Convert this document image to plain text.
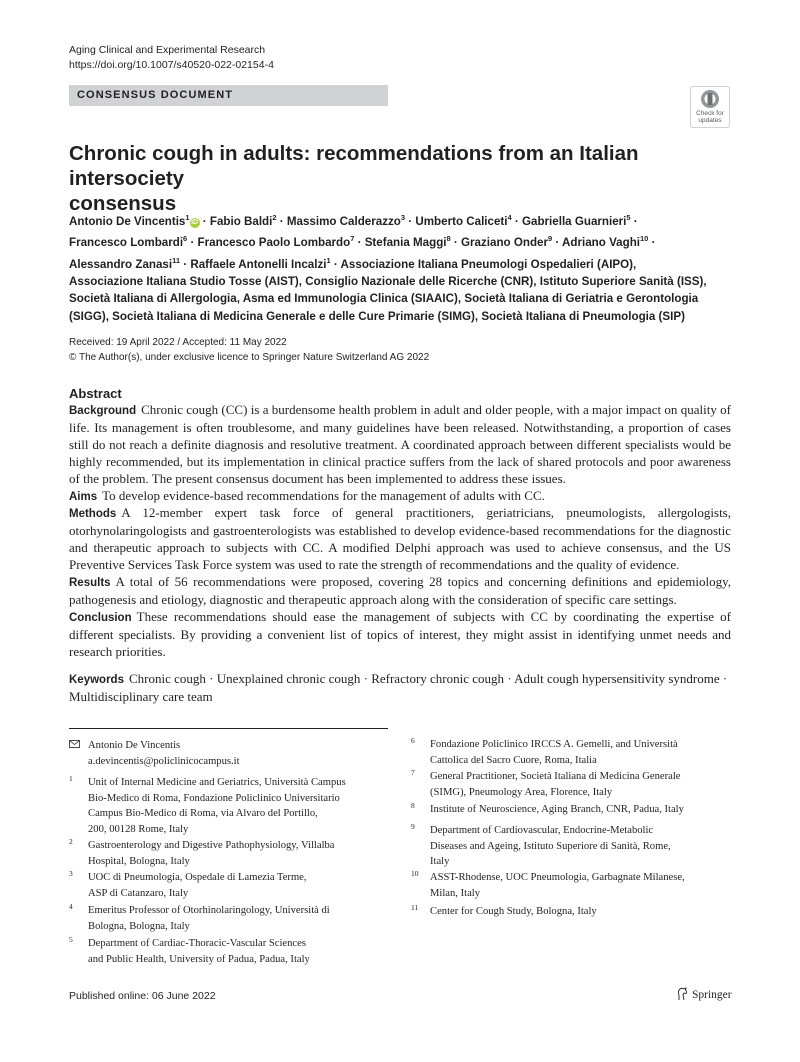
Aging Clinical and Experimental Research
https://doi.org/10.1007/s40520-022-02154-4
CONSENSUS DOCUMENT
Check for
updates
Chronic cough in adults: recommendations from an Italian intersociety
consensus

Antonio De Vincentis$^1$iD · Fabio Baldi$^2$ · Massimo Calderazzo$^3$ · Umberto Caliceti$^4$ · Gabriella Guarnieri$^5$ ·
Francesco Lombardi$^6$ · Francesco Paolo Lombardo$^7$ · Stefania Maggi$^8$ · Graziano Onder$^9$ · Adriano Vaghi$^{10}$ ·
Alessandro Zanasi$^{11}$ · Raffaele Antonelli Incalzi$^1$ · Associazione Italiana Pneumologi Ospedalieri (AIPO),
Associazione Italiana Studio Tosse (AIST), Consiglio Nazionale delle Ricerche (CNR), Istituto Superiore Sanità (ISS),
Società Italiana di Allergologia, Asma ed Immunologia Clinica (SIAAIC), Società Italiana di Geriatria e Gerontologia
(SIGG), Società Italiana di Medicina Generale e delle Cure Primarie (SIMG), Società Italiana di Pneumologia (SIP)

Received: 19 April 2022 / Accepted: 11 May 2022
© The Author(s), under exclusive licence to Springer Nature Switzerland AG 2022
Abstract

Background Chronic cough (CC) is a burdensome health problem in adult and older people, with a major impact on quality of life. Its management is often troublesome, and many guidelines have been released. Notwithstanding, a proportion of cases still do not reach a definite diagnosis and resolutive treatment. A coordinated approach between different specialists would be highly recommended, but its implementation in clinical practice suffers from the lack of shared protocols and poor awareness of the problem. The present consensus document has been implemented to address these issues.

Aims To develop evidence-based recommendations for the management of adults with CC.

Methods A 12-member expert task force of general practitioners, geriatricians, pneumologists, allergologists, otorhynolaringologists and gastroenterologists was established to develop evidence-based recommendations for the diagnostic and therapeutic approach to subjects with CC. A modified Delphi approach was used to achieve consensus, and the US Preventive Services Task Force system was used to rate the strength of recommendations and the quality of evidence.

Results A total of 56 recommendations were proposed, covering 28 topics and concerning definitions and epidemiology, pathogenesis and etiology, diagnostic and therapeutic approach along with the consideration of specific care settings.

Conclusion These recommendations should ease the management of subjects with CC by coordinating the expertise of different specialists. By providing a convenient list of topics of interest, they might assist in identifying unmet needs and research priorities.

Keywords Chronic cough · Unexplained chronic cough · Refractory chronic cough · Adult cough hypersensitivity syndrome · Multidisciplinary care team
Antonio De Vincentis
a.devincentis@policlinicocampus.it
1 Unit of Internal Medicine and Geriatrics, Università Campus
Bio-Medico di Roma, Fondazione Policlinico Universitario
Campus Bio-Medico di Roma, via Alvaro del Portillo,
200, 00128 Rome, Italy
2 Gastroenterology and Digestive Pathophysiology, Villalba
Hospital, Bologna, Italy
3 UOC di Pneumologia, Ospedale di Lamezia Terme,
ASP di Catanzaro, Italy
4 Emeritus Professor of Otorhinolaringology, Università di
Bologna, Bologna, Italy
5 Department of Cardiac-Thoracic-Vascular Sciences
and Public Health, University of Padua, Padua, Italy
6 Fondazione Policlinico IRCCS A. Gemelli, and Università
Cattolica del Sacro Cuore, Roma, Italia
7 General Practitioner, Società Italiana di Medicina Generale
(SIMG), Pneumology Area, Florence, Italy
8 Institute of Neuroscience, Aging Branch, CNR, Padua, Italy
9 Department of Cardiovascular, Endocrine-Metabolic
Diseases and Ageing, Istituto Superiore di Sanità, Rome,
Italy
10 ASST-Rhodense, UOC Pneumologia, Garbagnate Milanese,
Milan, Italy
11 Center for Cough Study, Bologna, Italy
Published online: 06 June 2022	Springer
